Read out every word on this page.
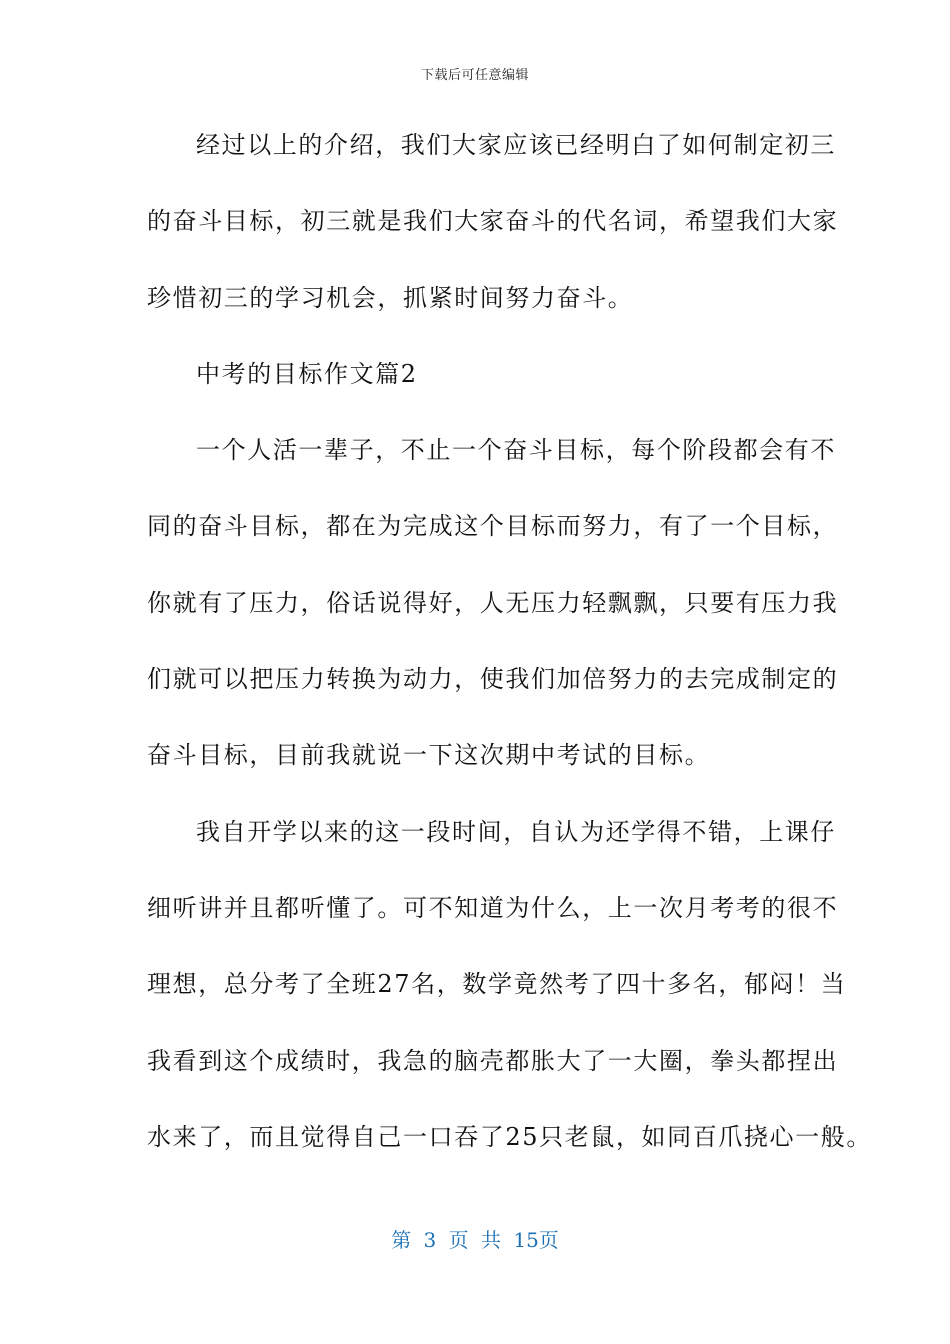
下载后可任意编辑
经过以上的介绍，我们大家应该已经明白了如何制定初三
的奋斗目标，初三就是我们大家奋斗的代名词，希望我们大家
珍惜初三的学习机会，抓紧时间努力奋斗。
中考的目标作文篇2
一个人活一辈子，不止一个奋斗目标，每个阶段都会有不
同的奋斗目标，都在为完成这个目标而努力，有了一个目标，
你就有了压力，俗话说得好，人无压力轻飘飘，只要有压力我
们就可以把压力转换为动力，使我们加倍努力的去完成制定的
奋斗目标，目前我就说一下这次期中考试的目标。
我自开学以来的这一段时间，自认为还学得不错，上课仔
细听讲并且都听懂了。可不知道为什么，上一次月考考的很不
理想，总分考了全班27名，数学竟然考了四十多名，郁闷！当
我看到这个成绩时，我急的脑壳都胀大了一大圈，拳头都捏出
水来了，而且觉得自己一口吞了25只老鼠，如同百爪挠心一般。
第 3 页 共 15页
